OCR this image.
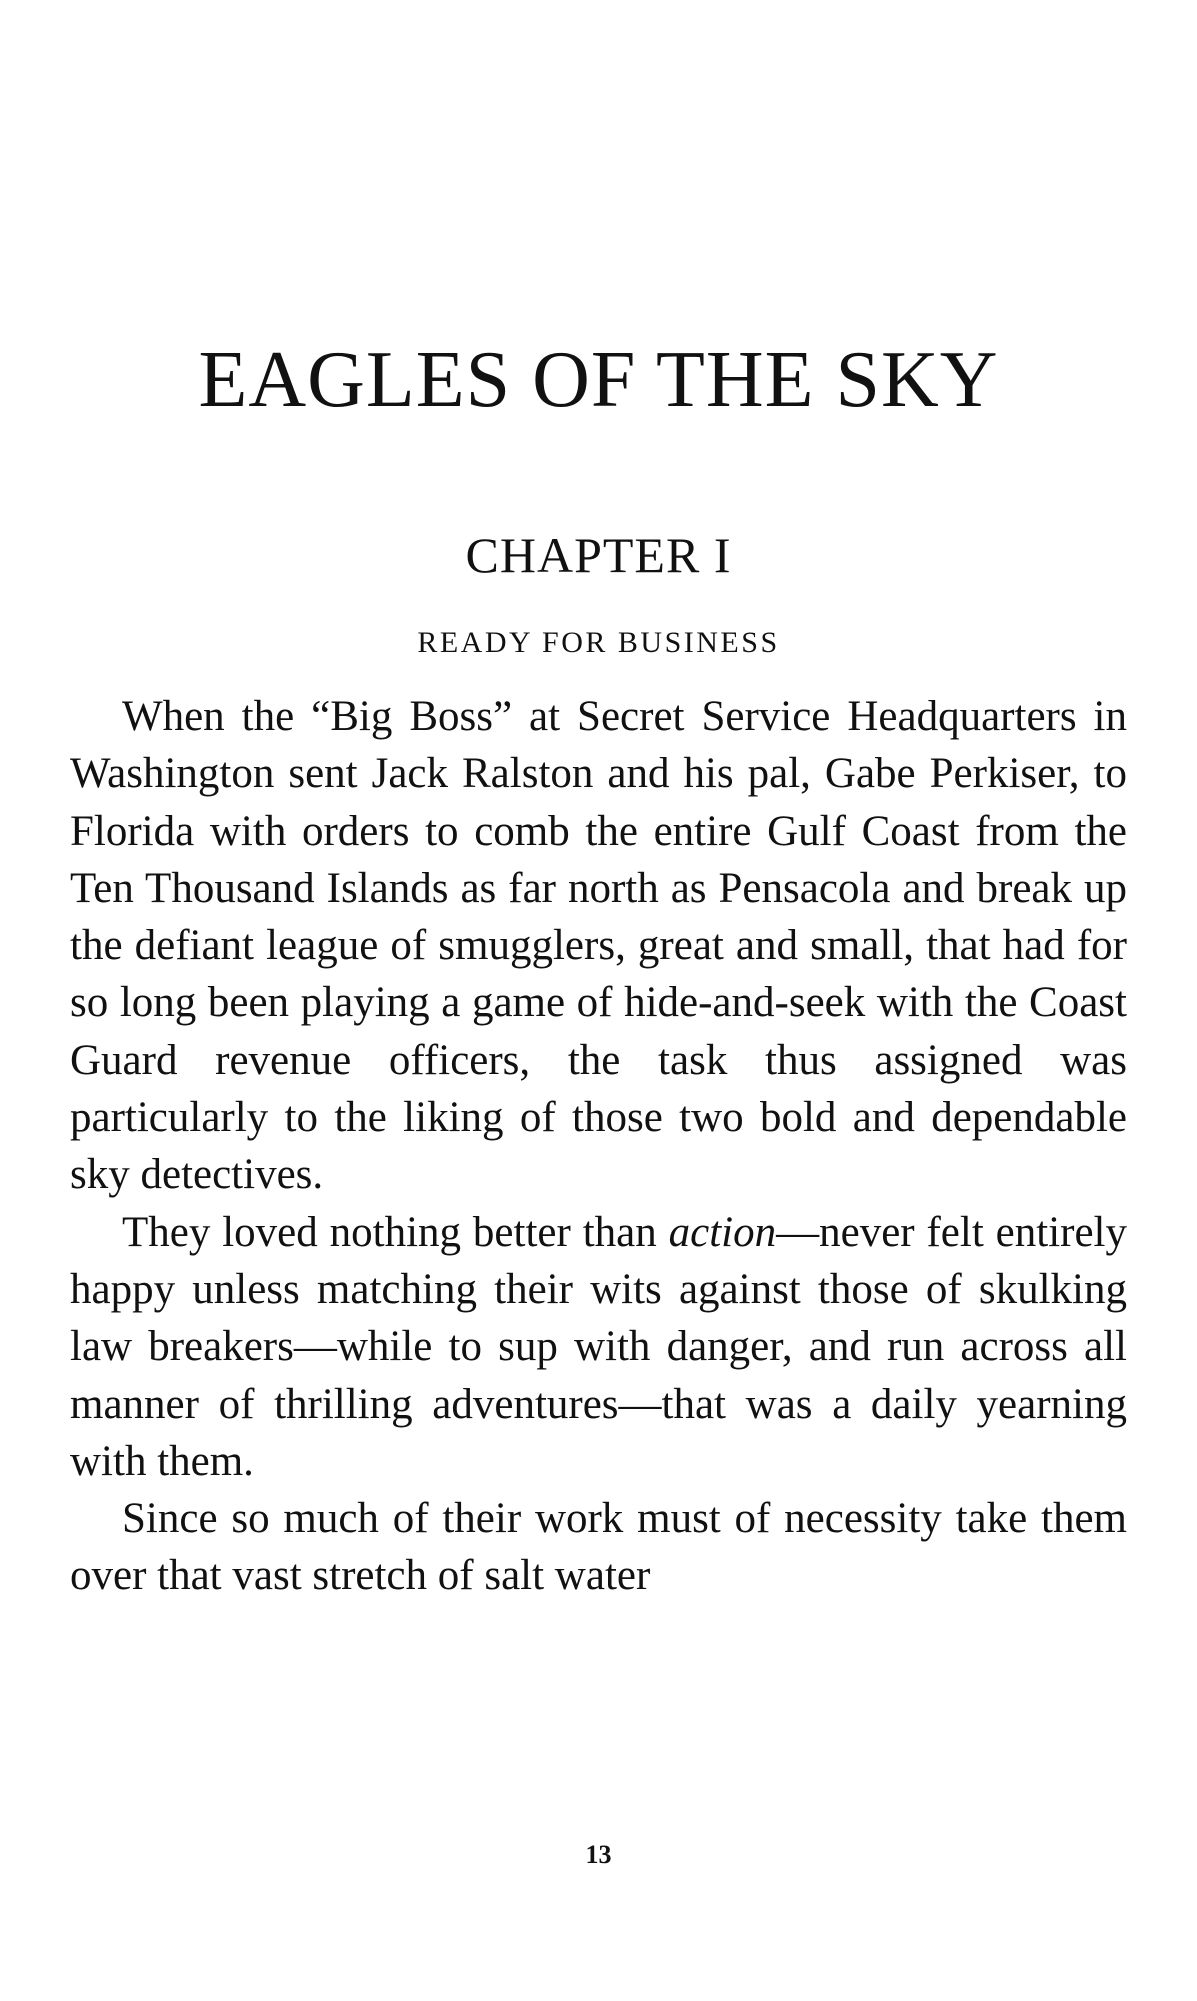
EAGLES OF THE SKY
CHAPTER I
READY FOR BUSINESS

When the “Big Boss” at Secret Service Headquarters in Washington sent Jack Ralston and his pal, Gabe Perkiser, to Florida with orders to comb the entire Gulf Coast from the Ten Thousand Islands as far north as Pensacola and break up the defiant league of smugglers, great and small, that had for so long been playing a game of hide-and-seek with the Coast Guard revenue officers, the task thus assigned was particularly to the liking of those two bold and dependable sky detectives.

They loved nothing better than action—never felt entirely happy unless matching their wits against those of skulking law breakers—while to sup with danger, and run across all manner of thrilling adventures—that was a daily yearning with them.

Since so much of their work must of necessity take them over that vast stretch of salt water

13
